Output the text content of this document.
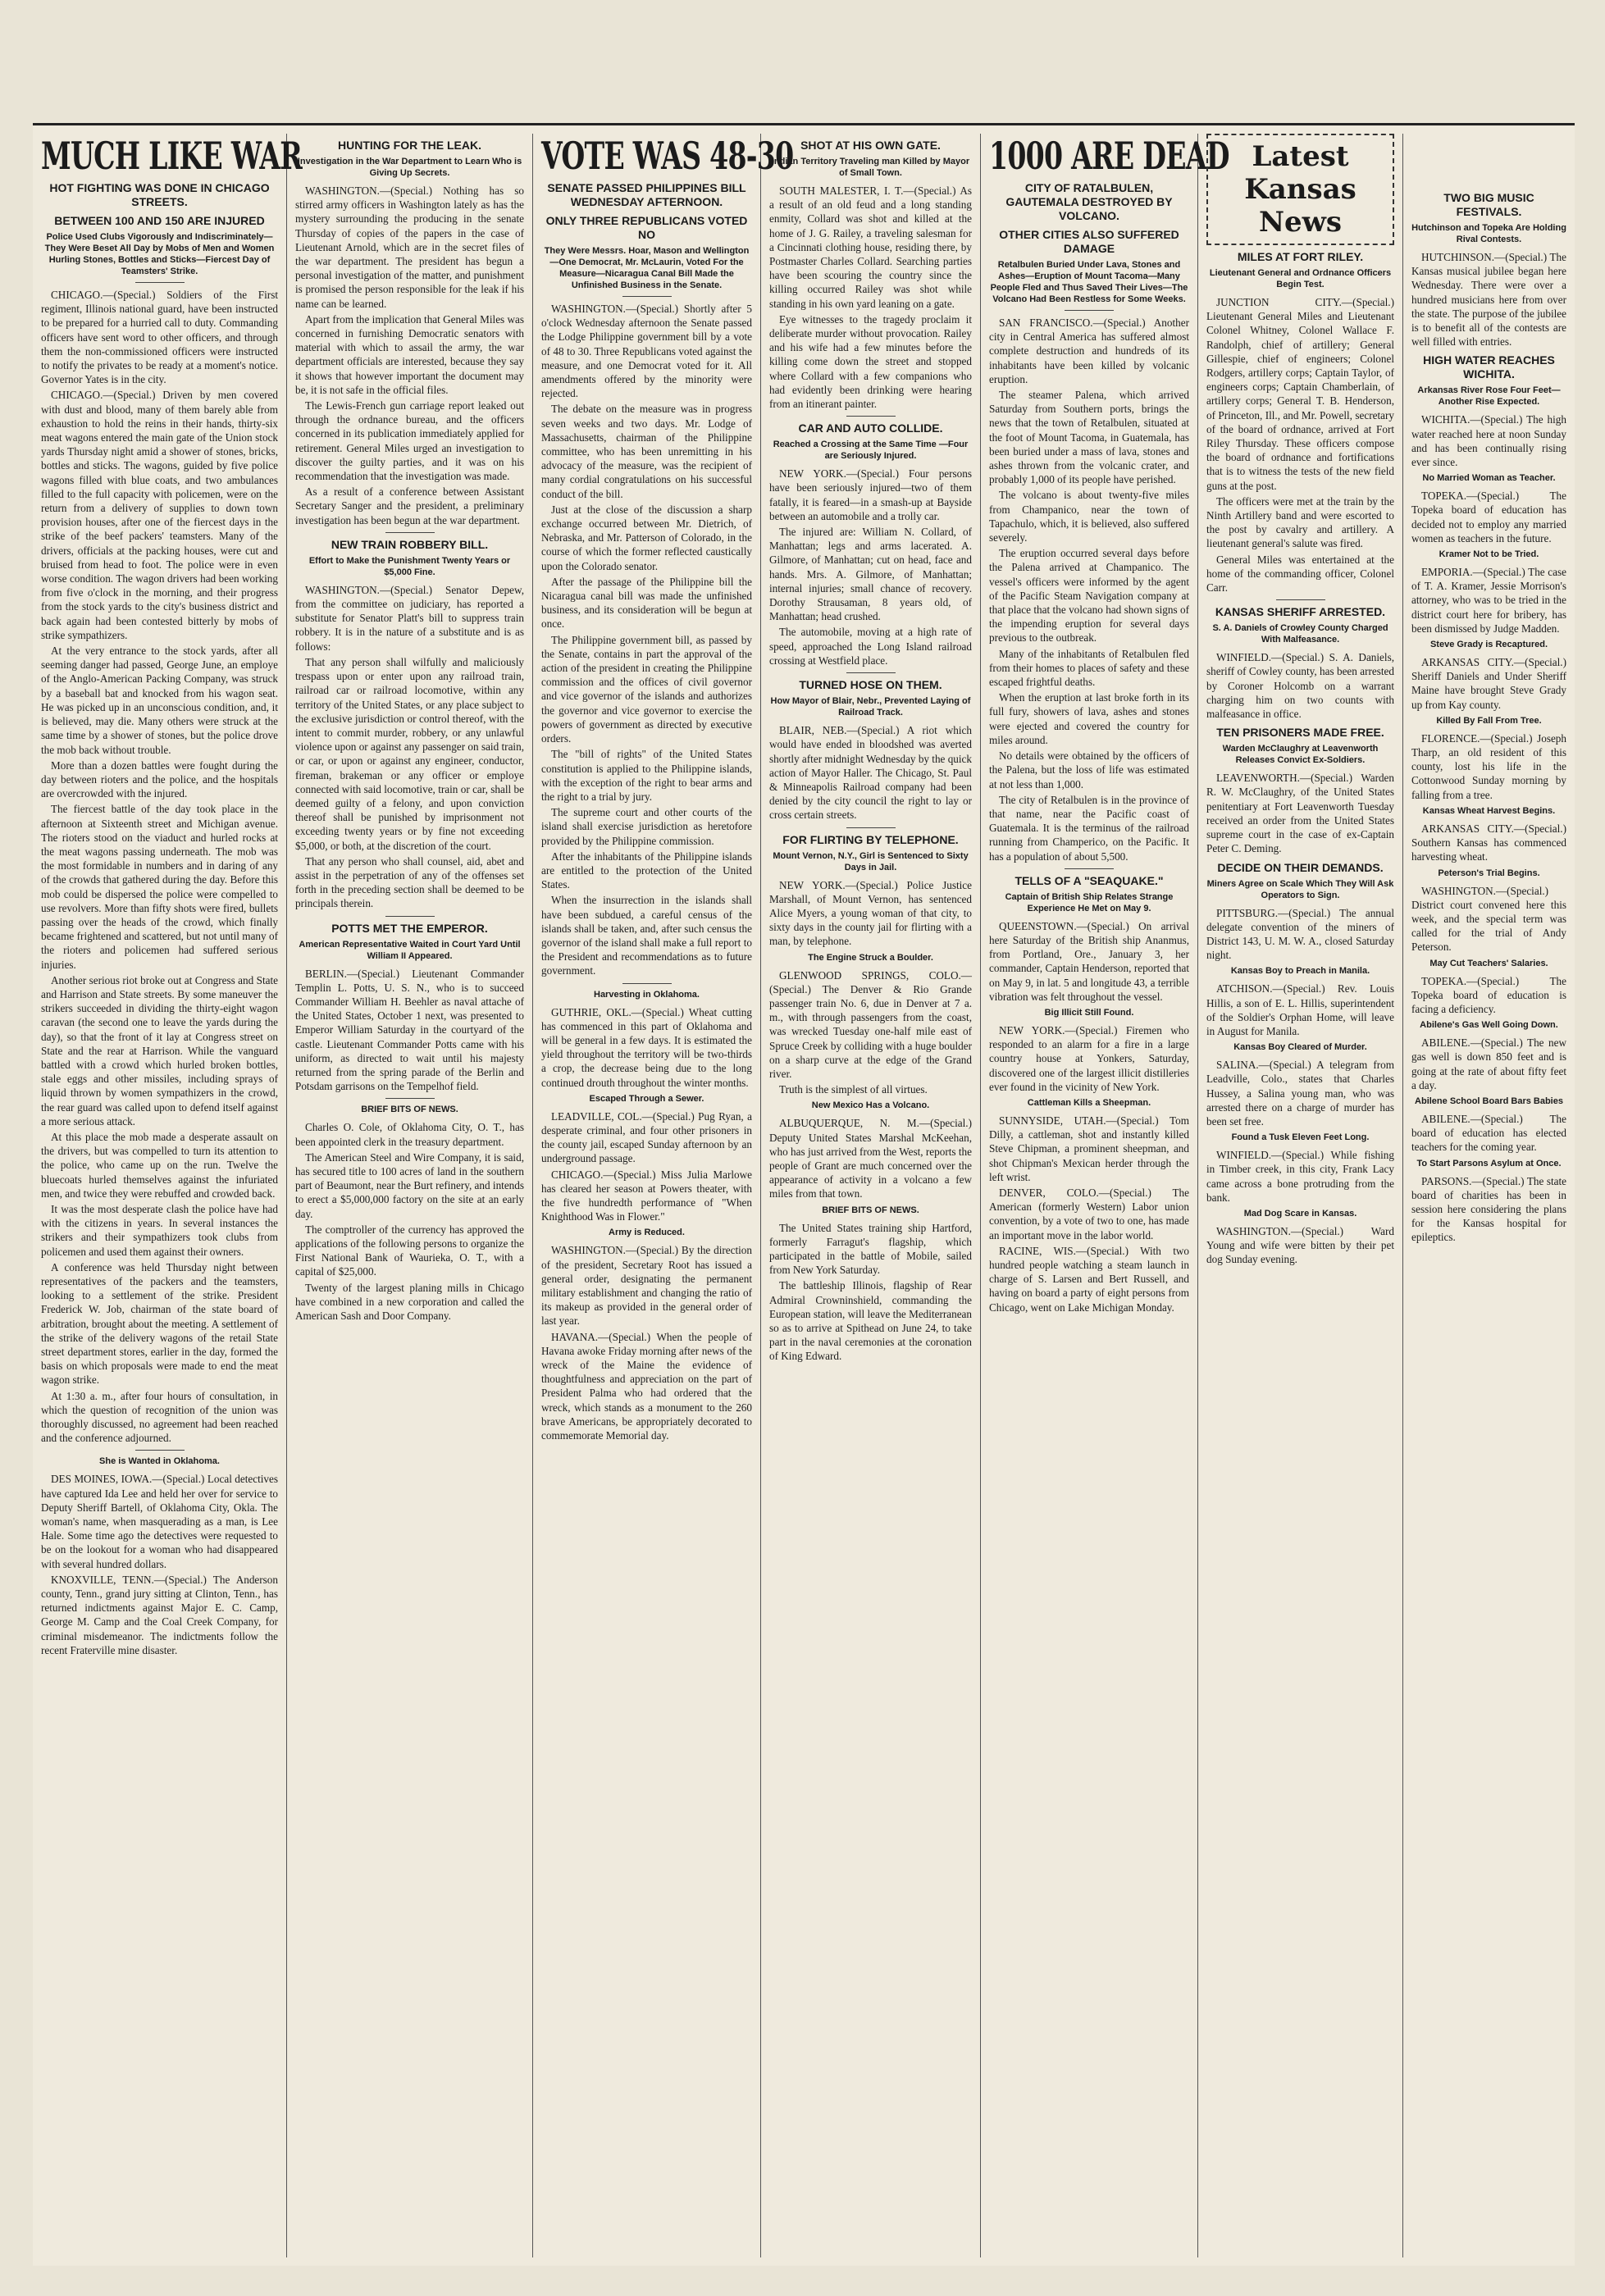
MUCH LIKE WAR
HOT FIGHTING WAS DONE IN CHICAGO STREETS.
BETWEEN 100 AND 150 ARE INJURED
Police Used Clubs Vigorously and Indiscriminately—They Were Beset All Day by Mobs of Men and Women Hurling Stones, Bottles and Sticks—Fiercest Day of Teamsters' Strike.

CHICAGO.—(Special.) Soldiers of the First regiment, Illinois national guard, have been instructed to be prepared for a hurried call to duty. Commanding officers have sent word to other officers, and through them the non-commissioned officers were instructed to notify the privates to be ready at a moment's notice. Governor Yates is in the city.

CHICAGO.—(Special.) Driven by men covered with dust and blood, many of them barely able from exhaustion to hold the reins in their hands, thirty-six meat wagons entered the main gate of the Union stock yards Thursday night amid a shower of stones, bricks, bottles and sticks. The wagons, guided by five police wagons filled with blue coats, and two ambulances filled to the full capacity with policemen, were on the return from a delivery of supplies to down town provision houses, after one of the fiercest days in the strike of the beef packers' teamsters. Many of the drivers, officials at the packing houses, were cut and bruised from head to foot. The police were in even worse condition. The wagon drivers had been working from five o'clock in the morning, and their progress from the stock yards to the city's business district and back again had been contested bitterly by mobs of strike sympathizers.

At the very entrance to the stock yards, after all seeming danger had passed, George June, an employe of the Anglo-American Packing Company, was struck by a baseball bat and knocked from his wagon seat. He was picked up in an unconscious condition, and, it is believed, may die. Many others were struck at the same time by a shower of stones, but the police drove the mob back without trouble.

More than a dozen battles were fought during the day between rioters and the police, and the hospitals are overcrowded with the injured.

The fiercest battle of the day took place in the afternoon at Sixteenth street and Michigan avenue. The rioters stood on the viaduct and hurled rocks at the meat wagons passing underneath. The mob was the most formidable in numbers and in daring of any of the crowds that gathered during the day. Before this mob could be dispersed the police were compelled to use revolvers. More than fifty shots were fired, bullets passing over the heads of the crowd, which finally became frightened and scattered, but not until many of the rioters and policemen had suffered serious injuries.

Another serious riot broke out at Congress and State and Harrison and State streets. By some maneuver the strikers succeeded in dividing the thirty-eight wagon caravan (the second one to leave the yards during the day), so that the front of it lay at Congress street on State and the rear at Harrison. While the vanguard battled with a crowd which hurled broken bottles, stale eggs and other missiles, including sprays of liquid thrown by women sympathizers in the crowd, the rear guard was called upon to defend itself against a more serious attack.

At this place the mob made a desperate assault on the drivers, but was compelled to turn its attention to the police, who came up on the run. Twelve the bluecoats hurled themselves against the infuriated men, and twice they were rebuffed and crowded back.

It was the most desperate clash the police have had with the citizens in years. In several instances the strikers and their sympathizers took clubs from policemen and used them against their owners.

A conference was held Thursday night between representatives of the packers and the teamsters, looking to a settlement of the strike. President Frederick W. Job, chairman of the state board of arbitration, brought about the meeting. A settlement of the strike of the delivery wagons of the retail State street department stores, earlier in the day, formed the basis on which proposals were made to end the meat wagon strike.

At 1:30 a. m., after four hours of consultation, in which the question of recognition of the union was thoroughly discussed, no agreement had been reached and the conference adjourned.

She is Wanted in Oklahoma.

DES MOINES, IOWA.—(Special.) Local detectives have captured Ida Lee and held her over for service to Deputy Sheriff Bartell, of Oklahoma City, Okla. The woman's name, when masquerading as a man, is Lee Hale. Some time ago the detectives were requested to be on the lookout for a woman who had disappeared with several hundred dollars.

KNOXVILLE, TENN.—(Special.) The Anderson county, Tenn., grand jury sitting at Clinton, Tenn., has returned indictments against Major E. C. Camp, George M. Camp and the Coal Creek Company, for criminal misdemeanor. The indictments follow the recent Fraterville mine disaster.

HUNTING FOR THE LEAK.
Investigation in the War Department to Learn Who is Giving Up Secrets.

WASHINGTON.—(Special.) Nothing has so stirred army officers in Washington lately as has the mystery surrounding the producing in the senate Thursday of copies of the papers in the case of Lieutenant Arnold, which are in the secret files of the war department. The president has begun a personal investigation of the matter, and punishment is promised the person responsible for the leak if his name can be learned.

Apart from the implication that General Miles was concerned in furnishing Democratic senators with material with which to assail the army, the war department officials are interested, because they say it shows that however important the document may be, it is not safe in the official files.

The Lewis-French gun carriage report leaked out through the ordnance bureau, and the officers concerned in its publication immediately applied for retirement. General Miles urged an investigation to discover the guilty parties, and it was on his recommendation that the investigation was made.

As a result of a conference between Assistant Secretary Sanger and the president, a preliminary investigation has been begun at the war department.

NEW TRAIN ROBBERY BILL.
Effort to Make the Punishment Twenty Years or $5,000 Fine.

WASHINGTON.—(Special.) Senator Depew, from the committee on judiciary, has reported a substitute for Senator Platt's bill to suppress train robbery. It is in the nature of a substitute and is as follows:

That any person shall wilfully and maliciously trespass upon or enter upon any railroad train, railroad car or railroad locomotive, within any territory of the United States, or any place subject to the exclusive jurisdiction or control thereof, with the intent to commit murder, robbery, or any unlawful violence upon or against any passenger on said train, or car, or upon or against any engineer, conductor, fireman, brakeman or any officer or employe connected with said locomotive, train or car, shall be deemed guilty of a felony, and upon conviction thereof shall be punished by imprisonment not exceeding twenty years or by fine not exceeding $5,000, or both, at the discretion of the court.

That any person who shall counsel, aid, abet and assist in the perpetration of any of the offenses set forth in the preceding section shall be deemed to be principals therein.

POTTS MET THE EMPEROR.
American Representative Waited in Court Yard Until William II Appeared.

BERLIN.—(Special.) Lieutenant Commander Templin L. Potts, U. S. N., who is to succeed Commander William H. Beehler as naval attache of the United States, October 1 next, was presented to Emperor William Saturday in the courtyard of the castle. Lieutenant Commander Potts came with his uniform, as directed to wait until his majesty returned from the spring parade of the Berlin and Potsdam garrisons on the Tempelhof field.

BRIEF BITS OF NEWS.

Charles O. Cole, of Oklahoma City, O. T., has been appointed clerk in the treasury department.

The American Steel and Wire Company, it is said, has secured title to 100 acres of land in the southern part of Beaumont, near the Burt refinery, and intends to erect a $5,000,000 factory on the site at an early day.

The comptroller of the currency has approved the applications of the following persons to organize the First National Bank of Waurieka, O. T., with a capital of $25,000.

Twenty of the largest planing mills in Chicago have combined in a new corporation and called the American Sash and Door Company.

VOTE WAS 48-30
SENATE PASSED PHILIPPINES BILL WEDNESDAY AFTERNOON.
ONLY THREE REPUBLICANS VOTED NO
They Were Messrs. Hoar, Mason and Wellington—One Democrat, Mr. McLaurin, Voted For the Measure—Nicaragua Canal Bill Made the Unfinished Business in the Senate.

WASHINGTON.—(Special.) Shortly after 5 o'clock Wednesday afternoon the Senate passed the Lodge Philippine government bill by a vote of 48 to 30. Three Republicans voted against the measure, and one Democrat voted for it. All amendments offered by the minority were rejected.

The debate on the measure was in progress seven weeks and two days. Mr. Lodge of Massachusetts, chairman of the Philippine committee, who has been unremitting in his advocacy of the measure, was the recipient of many cordial congratulations on his successful conduct of the bill.

Just at the close of the discussion a sharp exchange occurred between Mr. Dietrich, of Nebraska, and Mr. Patterson of Colorado, in the course of which the former reflected caustically upon the Colorado senator.

After the passage of the Philippine bill the Nicaragua canal bill was made the unfinished business, and its consideration will be begun at once.

The Philippine government bill, as passed by the Senate, contains in part the approval of the action of the president in creating the Philippine commission and the offices of civil governor and vice governor of the islands and authorizes the governor and vice governor to exercise the powers of government as directed by executive orders.

The "bill of rights" of the United States constitution is applied to the Philippine islands, with the exception of the right to bear arms and the right to a trial by jury.

The supreme court and other courts of the island shall exercise jurisdiction as heretofore provided by the Philippine commission.

After the inhabitants of the Philippine islands are entitled to the protection of the United States.

When the insurrection in the islands shall have been subdued, a careful census of the islands shall be taken, and, after such census the governor of the island shall make a full report to the President and recommendations as to future government.

Harvesting in Oklahoma.

GUTHRIE, OKL.—(Special.) Wheat cutting has commenced in this part of Oklahoma and will be general in a few days. It is estimated the yield throughout the territory will be two-thirds a crop, the decrease being due to the long continued drouth throughout the winter months.

Escaped Through a Sewer.

LEADVILLE, COL.—(Special.) Pug Ryan, a desperate criminal, and four other prisoners in the county jail, escaped Sunday afternoon by an underground passage.

CHICAGO.—(Special.) Miss Julia Marlowe has cleared her season at Powers theater, with the five hundredth performance of "When Knighthood Was in Flower."

Army is Reduced.

WASHINGTON.—(Special.) By the direction of the president, Secretary Root has issued a general order, designating the permanent military establishment and changing the ratio of its makeup as provided in the general order of last year.

HAVANA.—(Special.) When the people of Havana awoke Friday morning after news of the wreck of the Maine the evidence of thoughtfulness and appreciation on the part of President Palma who had ordered that the wreck, which stands as a monument to the 260 brave Americans, be appropriately decorated to commemorate Memorial day.

SHOT AT HIS OWN GATE.
Indian Territory Traveling man Killed by Mayor of Small Town.

SOUTH MALESTER, I. T.—(Special.) As a result of an old feud and a long standing enmity, Collard was shot and killed at the home of J. G. Railey, a traveling salesman for a Cincinnati clothing house, residing there, by Postmaster Charles Collard. Searching parties have been scouring the country since the killing occurred Railey was shot while standing in his own yard leaning on a gate.

Eye witnesses to the tragedy proclaim it deliberate murder without provocation. Railey and his wife had a few minutes before the killing come down the street and stopped where Collard with a few companions who had evidently been drinking were hearing from an itinerant painter.

CAR AND AUTO COLLIDE.
Reached a Crossing at the Same Time —Four are Seriously Injured.

NEW YORK.—(Special.) Four persons have been seriously injured—two of them fatally, it is feared—in a smash-up at Bayside between an automobile and a trolly car.

The injured are: William N. Collard, of Manhattan; legs and arms lacerated. A. Gilmore, of Manhattan; cut on head, face and hands. Mrs. A. Gilmore, of Manhattan; internal injuries; small chance of recovery. Dorothy Strausaman, 8 years old, of Manhattan; head crushed.

The automobile, moving at a high rate of speed, approached the Long Island railroad crossing at Westfield place.

TURNED HOSE ON THEM.
How Mayor of Blair, Nebr., Prevented Laying of Railroad Track.

BLAIR, NEB.—(Special.) A riot which would have ended in bloodshed was averted shortly after midnight Wednesday by the quick action of Mayor Haller. The Chicago, St. Paul & Minneapolis Railroad company had been denied by the city council the right to lay or cross certain streets.

FOR FLIRTING BY TELEPHONE.
Mount Vernon, N.Y., Girl is Sentenced to Sixty Days in Jail.

NEW YORK.—(Special.) Police Justice Marshall, of Mount Vernon, has sentenced Alice Myers, a young woman of that city, to sixty days in the county jail for flirting with a man, by telephone.

The Engine Struck a Boulder.

GLENWOOD SPRINGS, COLO.—(Special.) The Denver & Rio Grande passenger train No. 6, due in Denver at 7 a. m., with through passengers from the coast, was wrecked Tuesday one-half mile east of Spruce Creek by colliding with a huge boulder on a sharp curve at the edge of the Grand river.

Truth is the simplest of all virtues.

New Mexico Has a Volcano.

ALBUQUERQUE, N. M.—(Special.) Deputy United States Marshal McKeehan, who has just arrived from the West, reports the people of Grant are much concerned over the appearance of activity in a volcano a few miles from that town.

BRIEF BITS OF NEWS.

The United States training ship Hartford, formerly Farragut's flagship, which participated in the battle of Mobile, sailed from New York Saturday.

The battleship Illinois, flagship of Rear Admiral Crowninshield, commanding the European station, will leave the Mediterranean so as to arrive at Spithead on June 24, to take part in the naval ceremonies at the coronation of King Edward.

1000 ARE DEAD
CITY OF RATALBULEN, GAUTEMALA DESTROYED BY VOLCANO.
OTHER CITIES ALSO SUFFERED DAMAGE
Retalbulen Buried Under Lava, Stones and Ashes—Eruption of Mount Tacoma—Many People Fled and Thus Saved Their Lives—The Volcano Had Been Restless for Some Weeks.

SAN FRANCISCO.—(Special.) Another city in Central America has suffered almost complete destruction and hundreds of its inhabitants have been killed by volcanic eruption.

The steamer Palena, which arrived Saturday from Southern ports, brings the news that the town of Retalbulen, situated at the foot of Mount Tacoma, in Guatemala, has been buried under a mass of lava, stones and ashes thrown from the volcanic crater, and probably 1,000 of its people have perished.

The volcano is about twenty-five miles from Champanico, near the town of Tapachulo, which, it is believed, also suffered severely.

The eruption occurred several days before the Palena arrived at Champanico. The vessel's officers were informed by the agent of the Pacific Steam Navigation company at that place that the volcano had shown signs of the impending eruption for several days previous to the outbreak.

Many of the inhabitants of Retalbulen fled from their homes to places of safety and these escaped frightful deaths.

When the eruption at last broke forth in its full fury, showers of lava, ashes and stones were ejected and covered the country for miles around.

No details were obtained by the officers of the Palena, but the loss of life was estimated at not less than 1,000.

The city of Retalbulen is in the province of that name, near the Pacific coast of Guatemala. It is the terminus of the railroad running from Champerico, on the Pacific. It has a population of about 5,500.

TELLS OF A "SEAQUAKE."
Captain of British Ship Relates Strange Experience He Met on May 9.

QUEENSTOWN.—(Special.) On arrival here Saturday of the British ship Ananmus, from Portland, Ore., January 3, her commander, Captain Henderson, reported that on May 9, in lat. 5 and longitude 43, a terrible vibration was felt throughout the vessel.

Big Illicit Still Found.

NEW YORK.—(Special.) Firemen who responded to an alarm for a fire in a large country house at Yonkers, Saturday, discovered one of the largest illicit distilleries ever found in the vicinity of New York.

Cattleman Kills a Sheepman.

SUNNYSIDE, UTAH.—(Special.) Tom Dilly, a cattleman, shot and instantly killed Steve Chipman, a prominent sheepman, and shot Chipman's Mexican herder through the left wrist.

DENVER, COLO.—(Special.) The American (formerly Western) Labor union convention, by a vote of two to one, has made an important move in the labor world.

RACINE, WIS.—(Special.) With two hundred people watching a steam launch in charge of S. Larsen and Bert Russell, and having on board a party of eight persons from Chicago, went on Lake Michigan Monday.

Latest Kansas News
MILES AT FORT RILEY.
Lieutenant General and Ordnance Officers Begin Test.

JUNCTION CITY.—(Special.) Lieutenant General Miles and Lieutenant Colonel Whitney, Colonel Wallace F. Randolph, chief of artillery; General Gillespie, chief of engineers; Colonel Rodgers, artillery corps; Captain Taylor, of engineers corps; Captain Chamberlain, of artillery corps; General T. B. Henderson, of Princeton, Ill., and Mr. Powell, secretary of the board of ordnance, arrived at Fort Riley Thursday. These officers compose the board of ordnance and fortifications that is to witness the tests of the new field guns at the post.

The officers were met at the train by the Ninth Artillery band and were escorted to the post by cavalry and artillery. A lieutenant general's salute was fired.

General Miles was entertained at the home of the commanding officer, Colonel Carr.

KANSAS SHERIFF ARRESTED.
S. A. Daniels of Crowley County Charged With Malfeasance.

WINFIELD.—(Special.) S. A. Daniels, sheriff of Cowley county, has been arrested by Coroner Holcomb on a warrant charging him on two counts with malfeasance in office.

TEN PRISONERS MADE FREE.
Warden McClaughry at Leavenworth Releases Convict Ex-Soldiers.

LEAVENWORTH.—(Special.) Warden R. W. McClaughry, of the United States penitentiary at Fort Leavenworth Tuesday received an order from the United States supreme court in the case of ex-Captain Peter C. Deming.

DECIDE ON THEIR DEMANDS.
Miners Agree on Scale Which They Will Ask Operators to Sign.

PITTSBURG.—(Special.) The annual delegate convention of the miners of District 143, U. M. W. A., closed Saturday night.

Kansas Boy to Preach in Manila.

ATCHISON.—(Special.) Rev. Louis Hillis, a son of E. L. Hillis, superintendent of the Soldier's Orphan Home, will leave in August for Manila.

Kansas Boy Cleared of Murder.

SALINA.—(Special.) A telegram from Leadville, Colo., states that Charles Hussey, a Salina young man, who was arrested there on a charge of murder has been set free.

Found a Tusk Eleven Feet Long.

WINFIELD.—(Special.) While fishing in Timber creek, in this city, Frank Lacy came across a bone protruding from the bank.

Mad Dog Scare in Kansas.

WASHINGTON.—(Special.) Ward Young and wife were bitten by their pet dog Sunday evening.

TWO BIG MUSIC FESTIVALS.
Hutchinson and Topeka Are Holding Rival Contests.

HUTCHINSON.—(Special.) The Kansas musical jubilee began here Wednesday. There were over a hundred musicians here from over the state. The purpose of the jubilee is to benefit all of the contests are well filled with entries.

HIGH WATER REACHES WICHITA.
Arkansas River Rose Four Feet—Another Rise Expected.

WICHITA.—(Special.) The high water reached here at noon Sunday and has been continually rising ever since.

No Married Woman as Teacher.

TOPEKA.—(Special.) The Topeka board of education has decided not to employ any married women as teachers in the future.

Kramer Not to be Tried.

EMPORIA.—(Special.) The case of T. A. Kramer, Jessie Morrison's attorney, who was to be tried in the district court here for bribery, has been dismissed by Judge Madden.

Steve Grady is Recaptured.

ARKANSAS CITY.—(Special.) Sheriff Daniels and Under Sheriff Maine have brought Steve Grady up from Kay county.

Killed By Fall From Tree.

FLORENCE.—(Special.) Joseph Tharp, an old resident of this county, lost his life in the Cottonwood Sunday morning by falling from a tree.

Kansas Wheat Harvest Begins.

ARKANSAS CITY.—(Special.) Southern Kansas has commenced harvesting wheat.

Peterson's Trial Begins.

WASHINGTON.—(Special.) District court convened here this week, and the special term was called for the trial of Andy Peterson.

May Cut Teachers' Salaries.

TOPEKA.—(Special.) The Topeka board of education is facing a deficiency.

Abilene's Gas Well Going Down.

ABILENE.—(Special.) The new gas well is down 850 feet and is going at the rate of about fifty feet a day.

Abilene School Board Bars Babies

ABILENE.—(Special.) The board of education has elected teachers for the coming year.

To Start Parsons Asylum at Once.

PARSONS.—(Special.) The state board of charities has been in session here considering the plans for the Kansas hospital for epileptics.
